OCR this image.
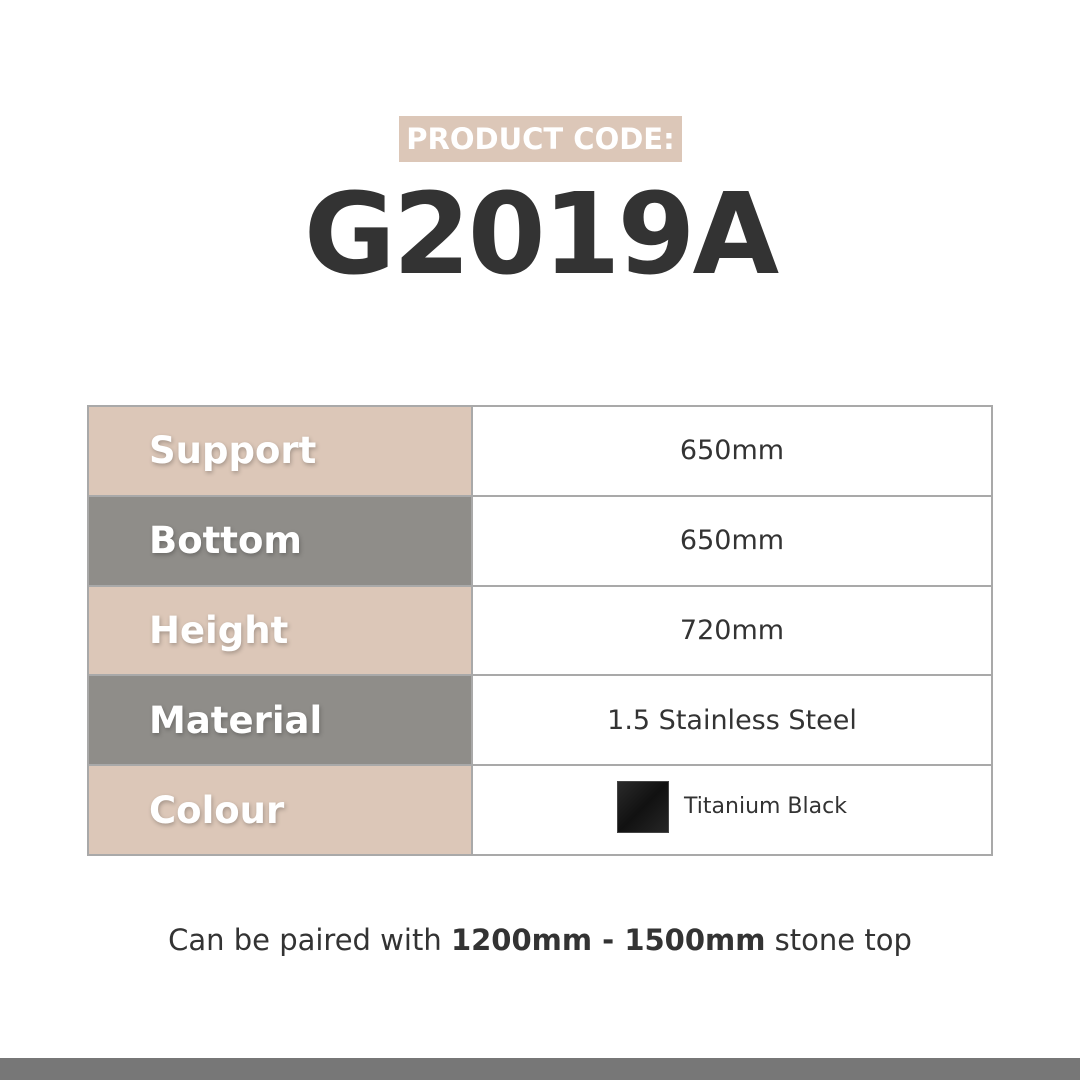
PRODUCT CODE:
G2019A
Support	650mm
Bottom	650mm
Height	720mm
Material	1.5 Stainless Steel
Colour	Titanium Black
Can be paired with 1200mm - 1500mm stone top
